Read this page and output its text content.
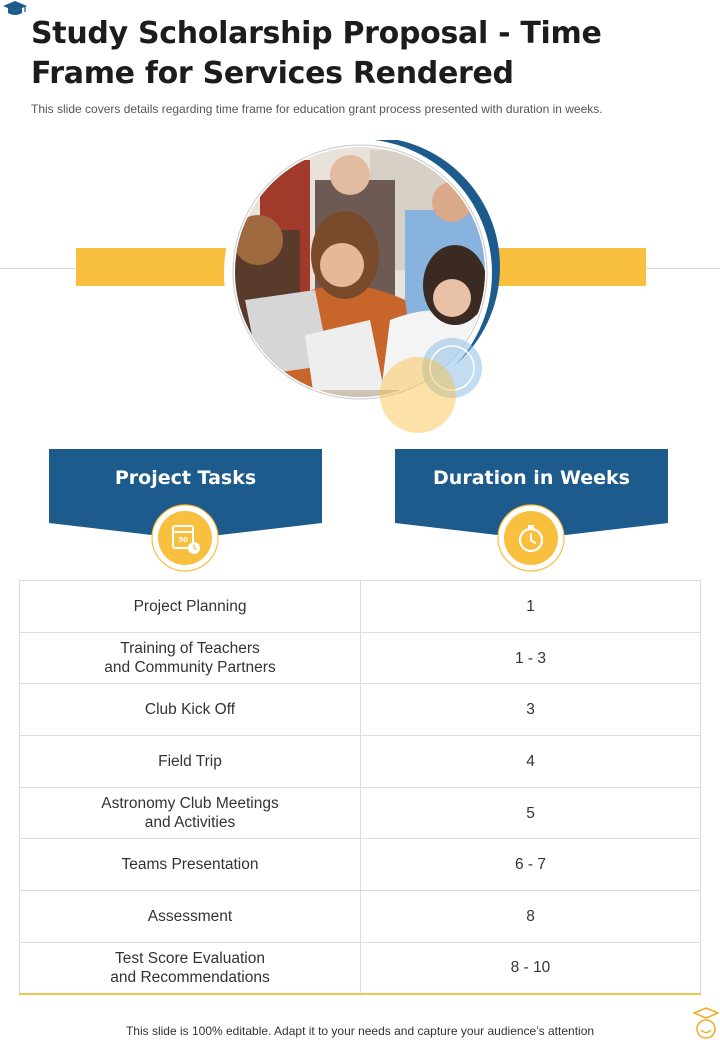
Study Scholarship Proposal - Time Frame for Services Rendered
This slide covers details regarding time frame for education grant process presented with duration in weeks.
Project Tasks	Duration in Weeks
30
Project Planning	1
Training of Teachers
and Community Partners	1 - 3
Club Kick Off	3
Field Trip	4
Astronomy Club Meetings
and Activities	5
Teams Presentation	6 - 7
Assessment	8
Test Score Evaluation
and Recommendations	8 - 10
This slide is 100% editable. Adapt it to your needs and capture your audience’s attention
